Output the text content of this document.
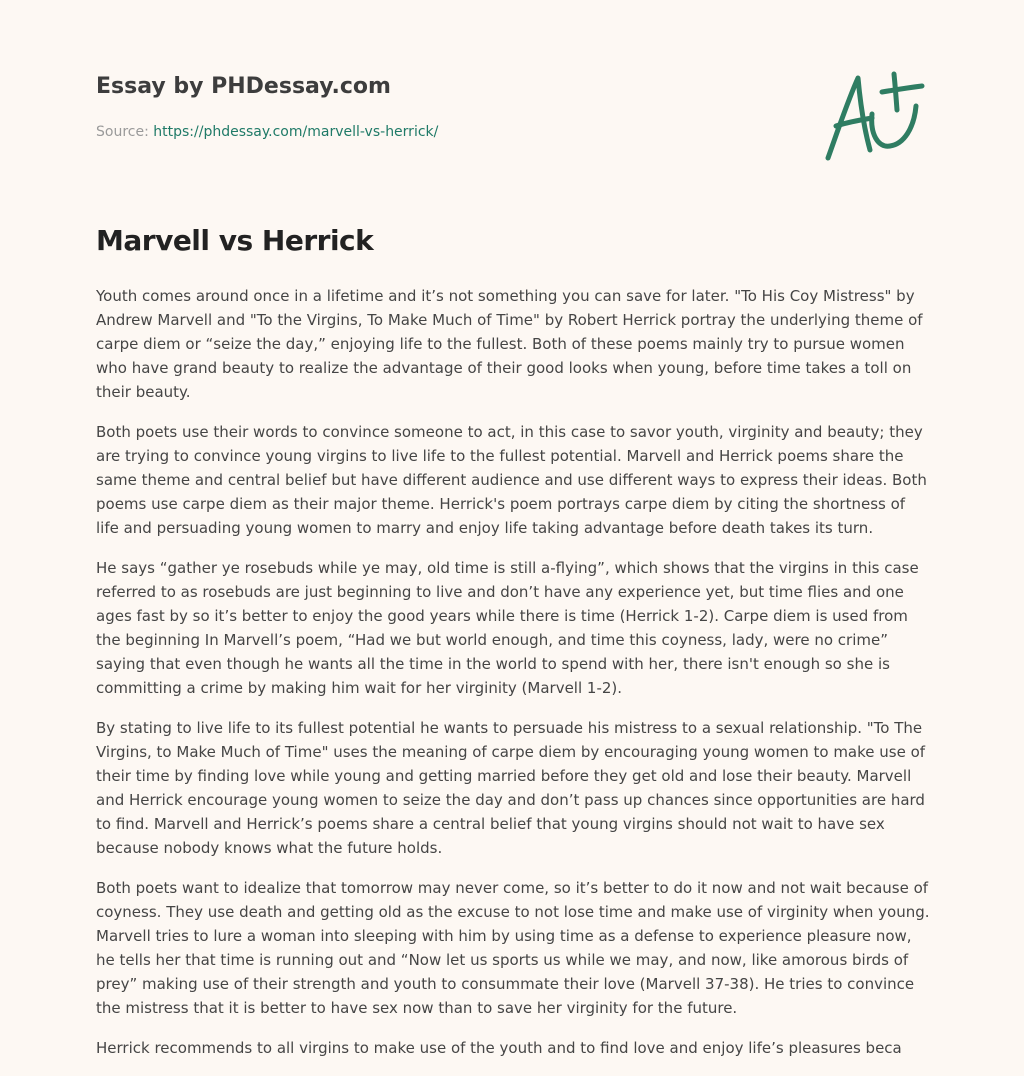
Essay by PHDessay.com
Source: https://phdessay.com/marvell-vs-herrick/
Marvell vs Herrick

Youth comes around once in a lifetime and it’s not something you can save for later. "To His Coy Mistress" by Andrew Marvell and "To the Virgins, To Make Much of Time" by Robert Herrick portray the underlying theme of carpe diem or “seize the day,” enjoying life to the fullest. Both of these poems mainly try to pursue women who have grand beauty to realize the advantage of their good looks when young, before time takes a toll on their beauty.

Both poets use their words to convince someone to act, in this case to savor youth, virginity and beauty; they are trying to convince young virgins to live life to the fullest potential. Marvell and Herrick poems share the same theme and central belief but have different audience and use different ways to express their ideas. Both poems use carpe diem as their major theme. Herrick's poem portrays carpe diem by citing the shortness of life and persuading young women to marry and enjoy life taking advantage before death takes its turn.

He says “gather ye rosebuds while ye may, old time is still a-flying”, which shows that the virgins in this case referred to as rosebuds are just beginning to live and don’t have any experience yet, but time flies and one ages fast by so it’s better to enjoy the good years while there is time (Herrick 1-2). Carpe diem is used from the beginning In Marvell’s poem, “Had we but world enough, and time this coyness, lady, were no crime” saying that even though he wants all the time in the world to spend with her, there isn't enough so she is committing a crime by making him wait for her virginity (Marvell 1-2).

By stating to live life to its fullest potential he wants to persuade his mistress to a sexual relationship. "To The Virgins, to Make Much of Time" uses the meaning of carpe diem by encouraging young women to make use of their time by finding love while young and getting married before they get old and lose their beauty. Marvell and Herrick encourage young women to seize the day and don’t pass up chances since opportunities are hard to find. Marvell and Herrick’s poems share a central belief that young virgins should not wait to have sex because nobody knows what the future holds.

Both poets want to idealize that tomorrow may never come, so it’s better to do it now and not wait because of coyness. They use death and getting old as the excuse to not lose time and make use of virginity when young. Marvell tries to lure a woman into sleeping with him by using time as a defense to experience pleasure now, he tells her that time is running out and “Now let us sports us while we may, and now, like amorous birds of prey” making use of their strength and youth to consummate their love (Marvell 37-38). He tries to convince the mistress that it is better to have sex now than to save her virginity for the future.

Herrick recommends to all virgins to make use of the youth and to find love and enjoy life’s pleasures beca
